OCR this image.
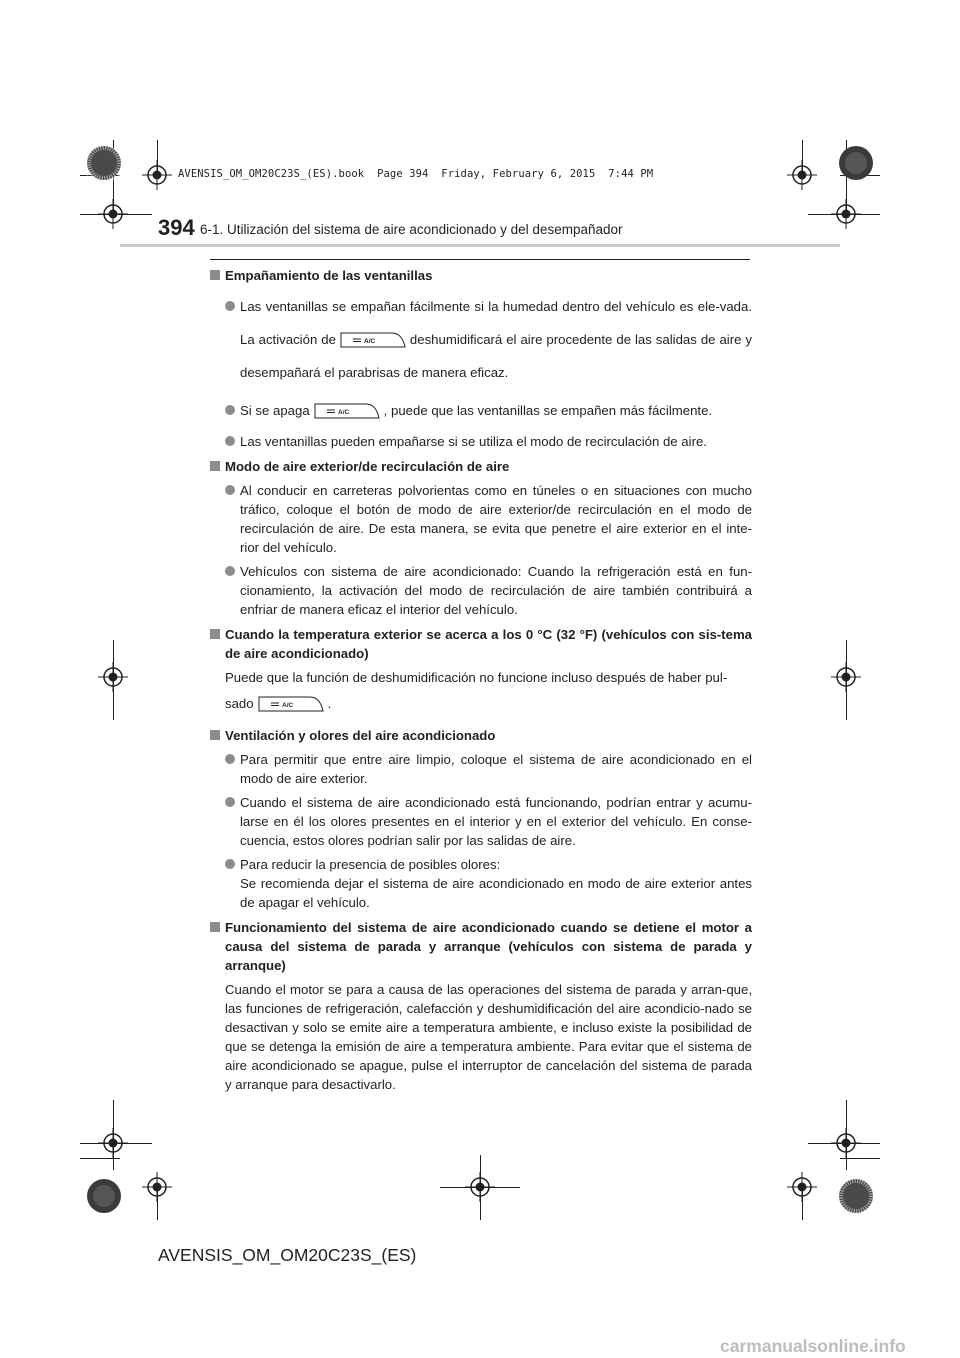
AVENSIS_OM_OM20C23S_(ES).book  Page 394  Friday, February 6, 2015  7:44 PM
394 6-1. Utilización del sistema de aire acondicionado y del desempañador
Empañamiento de las ventanillas
Las ventanillas se empañan fácilmente si la humedad dentro del vehículo es ele-vada. La activación de	deshumidificará el aire procedente de las salidas de aire y desempañará el parabrisas de manera eficaz.
Si se apaga	, puede que las ventanillas se empañen más fácilmente.
Las ventanillas pueden empañarse si se utiliza el modo de recirculación de aire.
Modo de aire exterior/de recirculación de aire
Al conducir en carreteras polvorientas como en túneles o en situaciones con mucho tráfico, coloque el botón de modo de aire exterior/de recirculación en el modo de recirculación de aire. De esta manera, se evita que penetre el aire exterior en el inte-rior del vehículo.
Vehículos con sistema de aire acondicionado: Cuando la refrigeración está en fun-cionamiento, la activación del modo de recirculación de aire también contribuirá a enfriar de manera eficaz el interior del vehículo.
Cuando la temperatura exterior se acerca a los 0 °C (32 °F) (vehículos con sis-tema de aire acondicionado)
Puede que la función de deshumidificación no funcione incluso después de haber pul-
sado	.
Ventilación y olores del aire acondicionado
Para permitir que entre aire limpio, coloque el sistema de aire acondicionado en el modo de aire exterior.
Cuando el sistema de aire acondicionado está funcionando, podrían entrar y acumu-larse en él los olores presentes en el interior y en el exterior del vehículo. En conse-cuencia, estos olores podrían salir por las salidas de aire.
Para reducir la presencia de posibles olores:
Se recomienda dejar el sistema de aire acondicionado en modo de aire exterior antes de apagar el vehículo.
Funcionamiento del sistema de aire acondicionado cuando se detiene el motor a causa del sistema de parada y arranque (vehículos con sistema de parada y arranque)
Cuando el motor se para a causa de las operaciones del sistema de parada y arran-que, las funciones de refrigeración, calefacción y deshumidificación del aire acondicio-nado se desactivan y solo se emite aire a temperatura ambiente, e incluso existe la posibilidad de que se detenga la emisión de aire a temperatura ambiente. Para evitar que el sistema de aire acondicionado se apague, pulse el interruptor de cancelación del sistema de parada y arranque para desactivarlo.
AVENSIS_OM_OM20C23S_(ES)
carmanualsonline.info
